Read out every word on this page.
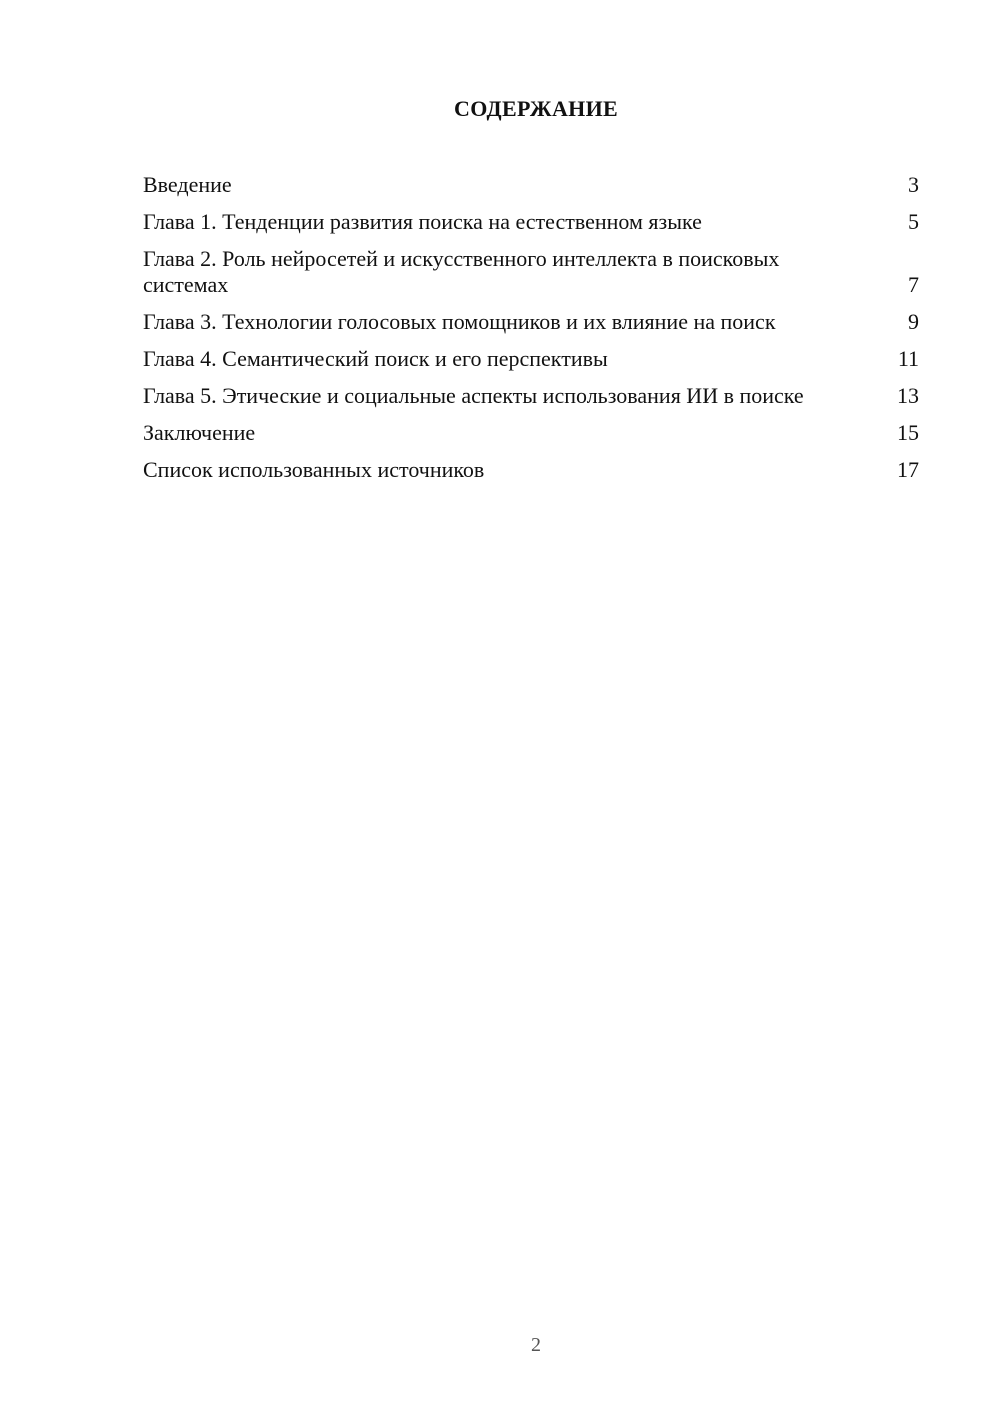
СОДЕРЖАНИЕ
Введение	3
Глава 1. Тенденции развития поиска на естественном языке	5
Глава 2. Роль нейросетей и искусственного интеллекта в поисковых системах	7
Глава 3. Технологии голосовых помощников и их влияние на поиск	9
Глава 4. Семантический поиск и его перспективы	11
Глава 5. Этические и социальные аспекты использования ИИ в поиске	13
Заключение	15
Список использованных источников	17
2
